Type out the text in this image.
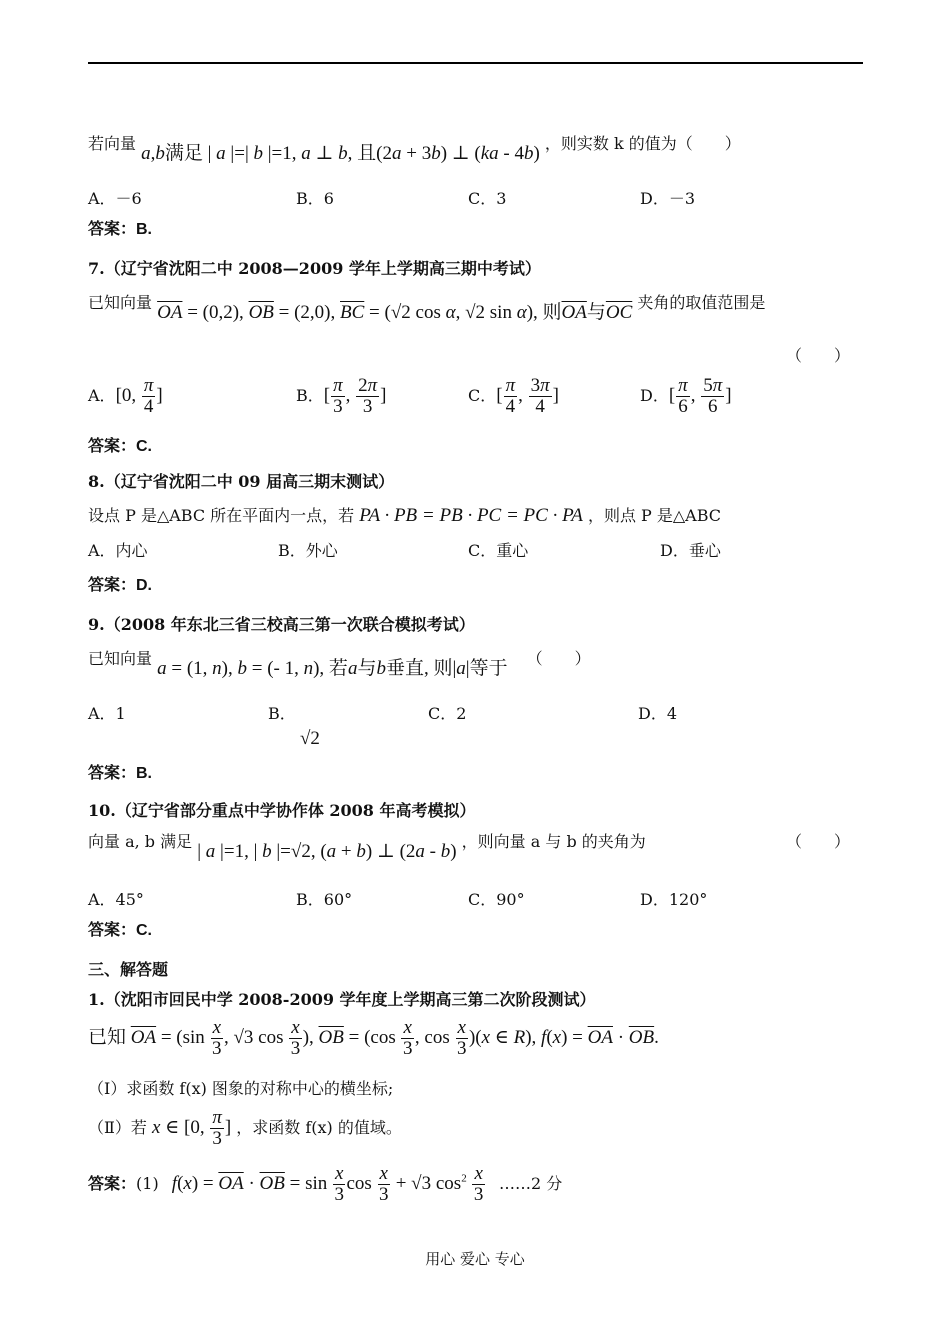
若向量 a,b满足 | a |=| b |=1, a ⊥ b, 且(2a + 3b) ⊥ (ka - 4b) ，则实数 k 的值为（　　）
A．－6	B．6	C．3	D．－3
答案：B.
7.（辽宁省沈阳二中 2008—2009 学年上学期高三期中考试）
已知向量 $\overline{OA} = (0,2)$, $\overline{OB} = (2,0)$, $\overline{BC} = (√2$ cos α, √2 sin α), 则$\overline{OA}$与$\overline{OC}$ 夹角的取值范围是
（　　）
A．[0, $\frac{\pi}{4}$ ]	B．[ $\frac{\pi}{3}$ , $\frac{2\pi}{3}$ ]	C．[ $\frac{\pi}{4}$ , $\frac{3\pi}{4}$ ]	D．[ $\frac{\pi}{6}$ , $\frac{5\pi}{6}$ ]
答案：C.
8.（辽宁省沈阳二中 09 届高三期末测试）
设点 P 是△ABC 所在平面内一点，若 PA · PB = PB · PC = PC · PA ，则点 P 是△ABC
A．内心	B．外心	C．重心	D．垂心
答案：D.
9.（2008 年东北三省三校高三第一次联合模拟考试）
已知向量 a = (1, n), b = (- 1, n), 若a与b垂直, 则|a|等于 （　　）
A．1	B．
√2
C．2	D．4
答案：B.
10.（辽宁省部分重点中学协作体 2008 年高考模拟）
向量 a, b 满足 | a |=1, | b |=√2, (a + b) ⊥ (2a - b) ，则向量 a 与 b 的夹角为	（　　）
A．45°	B．60°	C．90°	D．120°
答案：C.
三、解答题
1.（沈阳市回民中学 2008-2009 学年度上学期高三第二次阶段测试）
已知 $\overline{OA} = (\sin \frac{x}{3}$ , √3 $\cos \frac{x}{3}$ ), $\overline{OB} = (\cos \frac{x}{3}$ , $\cos \frac{x}{3} )(x$ ∈ R), $f(x) = \overline{OA} \cdot \overline{OB}$.
（Ⅰ）求函数 f(x) 图象的对称中心的横坐标;
（Ⅱ）若 x ∈ [0, $\frac{\pi}{3}$ ] ，求函数 f(x) 的值域。
答案：(1) $f(x) = \overline{OA} \cdot \overline{OB} = \sin \frac{x}{3}$ $\cos \frac{x}{3} + √3$ $\cos^2 \frac{x}{3}$ ……2 分
用心 爱心 专心
